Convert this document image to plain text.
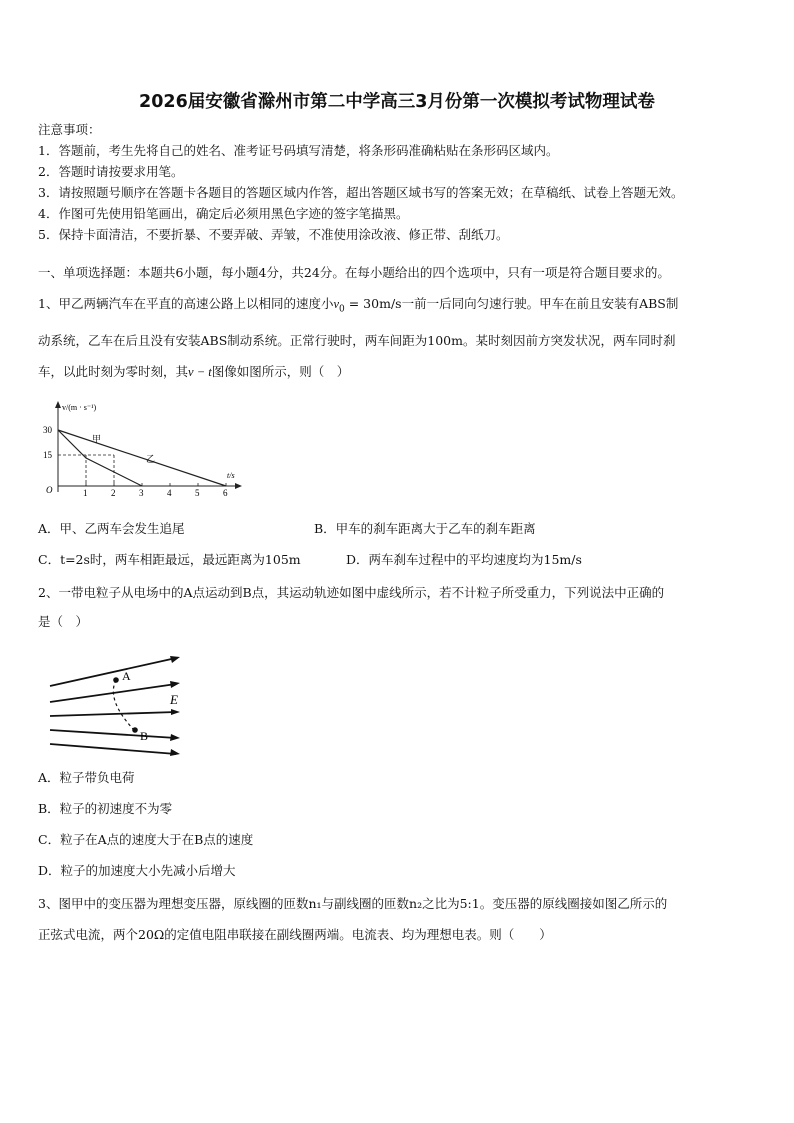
2026届安徽省滁州市第二中学高三3月份第一次模拟考试物理试卷
注意事项：
1．答题前，考生先将自己的姓名、准考证号码填写清楚，将条形码准确粘贴在条形码区域内。
2．答题时请按要求用笔。
3．请按照题号顺序在答题卡各题目的答题区域内作答，超出答题区域书写的答案无效；在草稿纸、试卷上答题无效。
4．作图可先使用铅笔画出，确定后必须用黑色字迹的签字笔描黑。
5．保持卡面清洁，不要折暴、不要弄破、弄皱，不准使用涂改液、修正带、刮纸刀。
一、单项选择题：本题共6小题，每小题4分，共24分。在每小题给出的四个选项中，只有一项是符合题目要求的。
1、甲乙两辆汽车在平直的高速公路上以相同的速度小$v_0 = 30m/s$一前一后同向匀速行驶。甲车在前且安装有ABS制
动系统，乙车在后且没有安装ABS制动系统。正常行驶时，两车间距为100m。某时刻因前方突发状况，两车同时刹
车，以此时刻为零时刻，其v − t图像如图所示，则（　）
v/(m · s⁻¹)
t/s
O
30
15
1	2	3	4	5	6
甲
乙
A．甲、乙两车会发生追尾	B．甲车的刹车距离大于乙车的刹车距离
C．t=2s时，两车相距最远，最远距离为105m	D．两车刹车过程中的平均速度均为15m/s
2、一带电粒子从电场中的A点运动到B点，其运动轨迹如图中虚线所示，若不计粒子所受重力，下列说法中正确的
是（　）
A
B
E
A．粒子带负电荷
B．粒子的初速度不为零
C．粒子在A点的速度大于在B点的速度
D．粒子的加速度大小先减小后增大
3、图甲中的变压器为理想变压器，原线圈的匝数n₁与副线圈的匝数n₂之比为5:1。变压器的原线圈接如图乙所示的
正弦式电流，两个20Ω的定值电阻串联接在副线圈两端。电流表、均为理想电表。则（　　）
